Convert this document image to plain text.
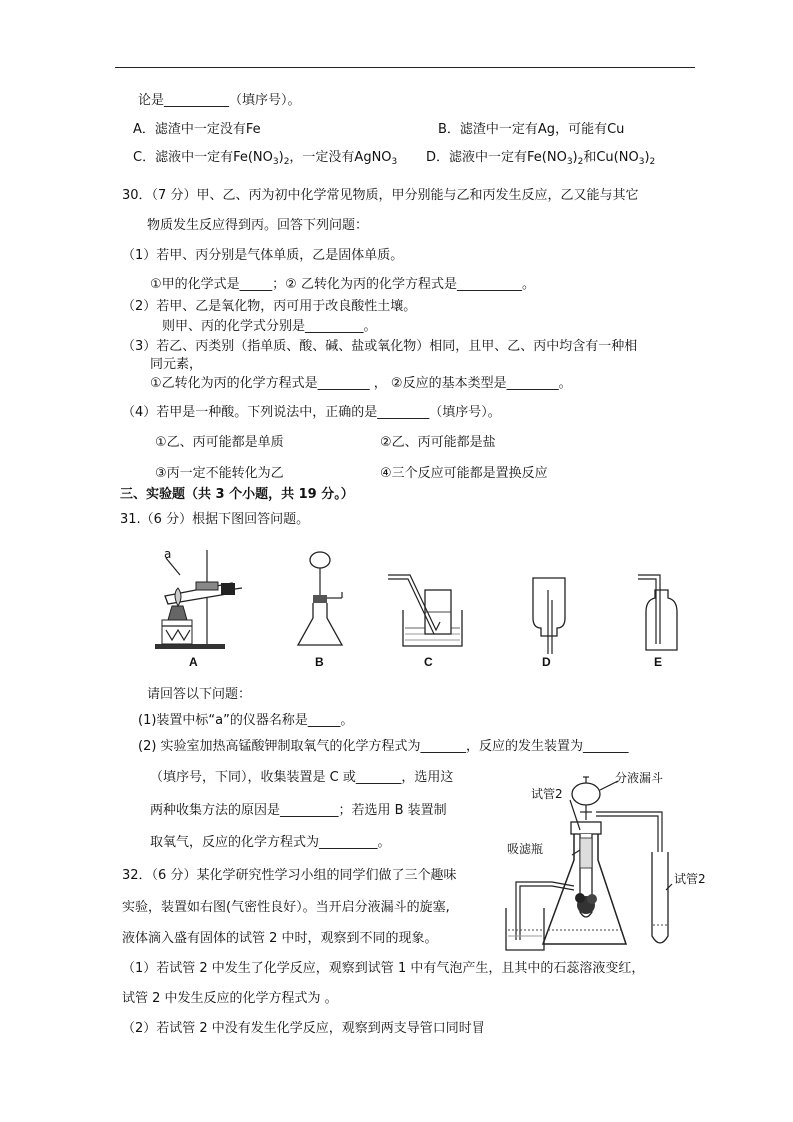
论是__________（填序号）。
A．滤渣中一定没有Fe	B．滤渣中一定有Ag，可能有Cu
C．滤液中一定有$Fe(NO_3)_2$，一定没有AgNO$_3$ D．滤液中一定有$Fe(NO_3)_2$和$Cu(NO_3)_2$
30．（7 分）甲、乙、丙为初中化学常见物质，甲分别能与乙和丙发生反应，乙又能与其它
物质发生反应得到丙。回答下列问题：
（1）若甲、丙分别是气体单质，乙是固体单质。
①甲的化学式是_____；② 乙转化为丙的化学方程式是__________。
（2）若甲、乙是氧化物，丙可用于改良酸性土壤。
则甲、丙的化学式分别是_________。
（3）若乙、丙类别（指单质、酸、碱、盐或氧化物）相同，且甲、乙、丙中均含有一种相
同元素，
①乙转化为丙的化学方程式是________ ， ②反应的基本类型是________。
（4）若甲是一种酸。下列说法中，正确的是________（填序号）。
①乙、丙可能都是单质	②乙、丙可能都是盐
③丙一定不能转化为乙	④三个反应可能都是置换反应
三、实验题（共 3 个小题，共 19 分。）
31.（6 分）根据下图回答问题。
a
A	B	C	D	E
请回答以下问题：
(1)装置中标“a”的仪器名称是_____。
(2) 实验室加热高锰酸钾制取氧气的化学方程式为_______，反应的发生装置为_______
（填序号，下同），收集装置是 C 或_______，选用这
两种收集方法的原因是_________；若选用 B 装置制
取氧气，反应的化学方程式为_________。
分液漏斗
试管2
吸滤瓶
试管2
32．（6 分）某化学研究性学习小组的同学们做了三个趣味
实验，装置如右图(气密性良好）。当开启分液漏斗的旋塞,
液体滴入盛有固体的试管 2 中时，观察到不同的现象。
（1）若试管 2 中发生了化学反应，观察到试管 1 中有气泡产生，且其中的石蕊溶液变红，
试管 2 中发生反应的化学方程式为 。
（2）若试管 2 中没有发生化学反应，观察到两支导管口同时冒
